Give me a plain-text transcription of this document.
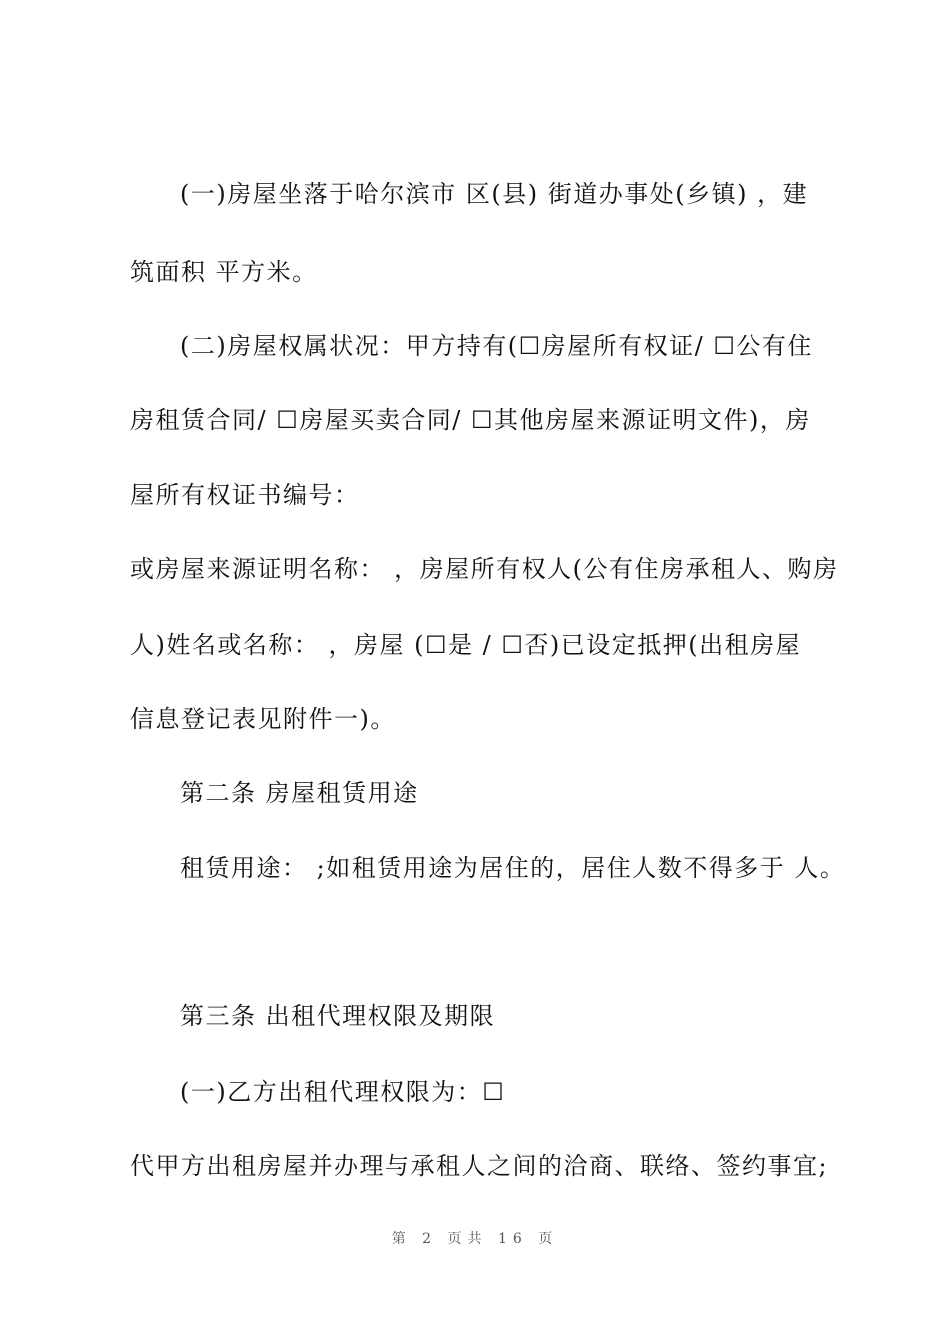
(一)房屋坐落于哈尔滨市 区(县) 街道办事处(乡镇) ，建
筑面积 平方米。
(二)房屋权属状况：甲方持有(☐房屋所有权证/ ☐公有住
房租赁合同/ ☐房屋买卖合同/ ☐其他房屋来源证明文件)，房
屋所有权证书编号：
或房屋来源证明名称： ，房屋所有权人(公有住房承租人、购房
人)姓名或名称： ，房屋 (☐是 / ☐否)已设定抵押(出租房屋
信息登记表见附件一)。
第二条 房屋租赁用途
租赁用途： ;如租赁用途为居住的，居住人数不得多于 人。
第三条 出租代理权限及期限
(一)乙方出租代理权限为：☐
代甲方出租房屋并办理与承租人之间的洽商、联络、签约事宜;
第 2 页共 16 页
